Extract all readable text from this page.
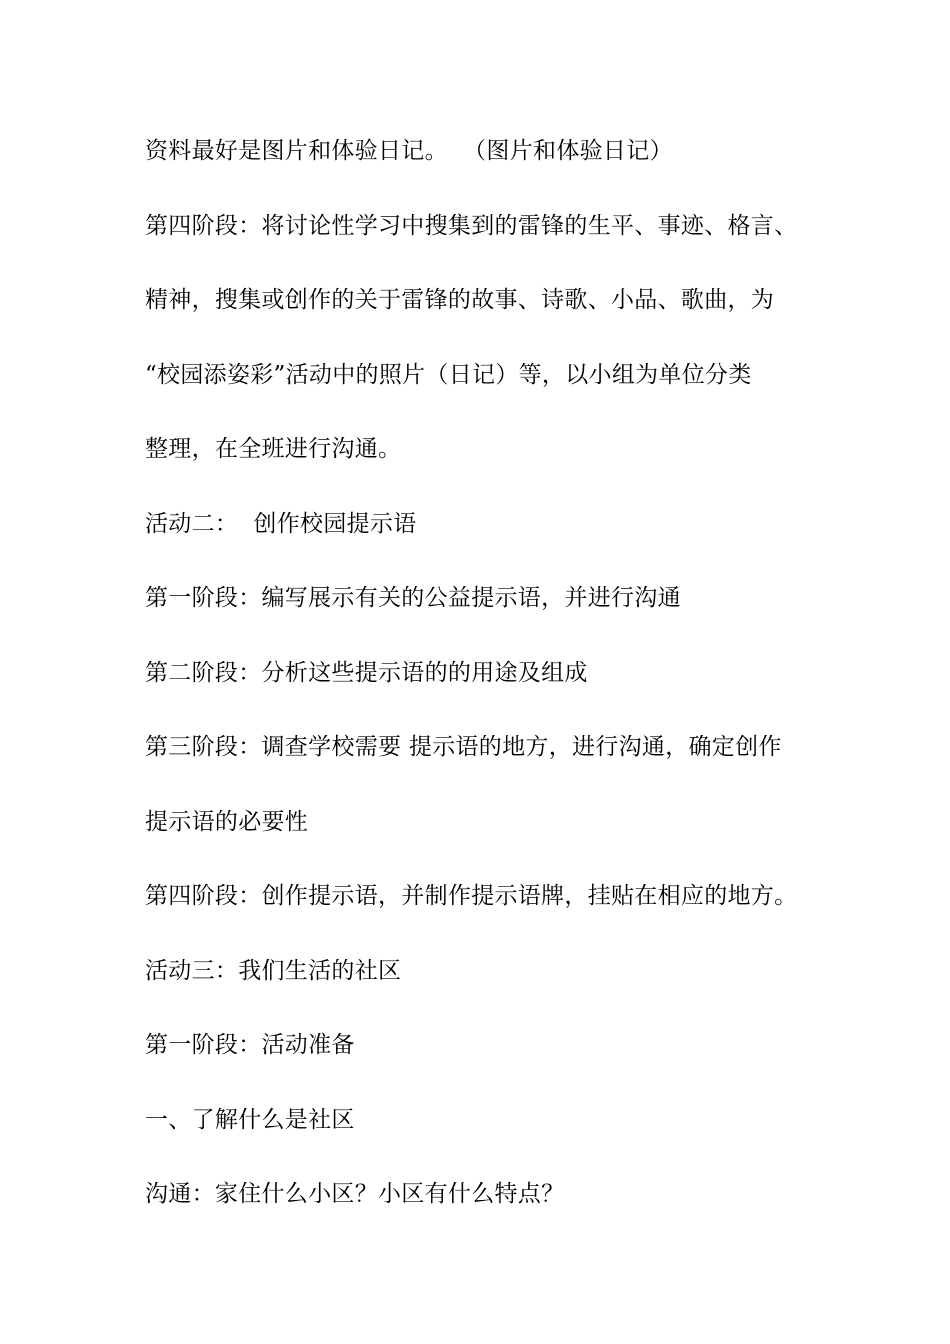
资料最好是图片和体验日记。  （图片和体验日记）
第四阶段：将讨论性学习中搜集到的雷锋的生平、事迹、格言、
精神，搜集或创作的关于雷锋的故事、诗歌、小品、歌曲，为
“校园添姿彩”活动中的照片（日记）等，以小组为单位分类
整理，在全班进行沟通。
活动二：  创作校园提示语
第一阶段：编写展示有关的公益提示语，并进行沟通
第二阶段：分析这些提示语的的用途及组成
第三阶段：调查学校需要 提示语的地方，进行沟通，确定创作
提示语的必要性
第四阶段：创作提示语，并制作提示语牌，挂贴在相应的地方。
活动三：我们生活的社区
第一阶段：活动准备
一、了解什么是社区
沟通：家住什么小区？小区有什么特点？
